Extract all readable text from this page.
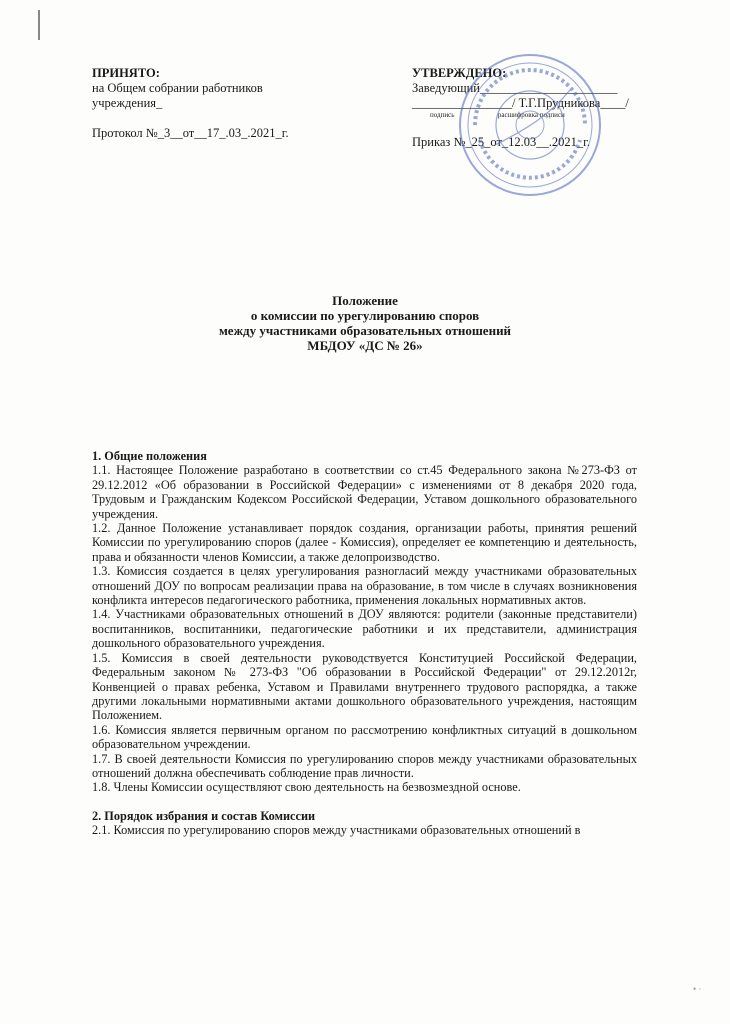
ПРИНЯТО:
на Общем собрании работников
учреждения_
Протокол №_3__от__17_.03_.2021_г.
УТВЕРЖДЕНО:
Заведующий______________________
________________/ Т.Г.Прудникова____/
подпись	расшифровка подписи
Приказ №_25_от_12.03__.2021_г.
Положение
о комиссии по урегулированию споров
между участниками образовательных отношений
МБДОУ «ДС № 26»
1. Общие положения

1.1. Настоящее Положение разработано в соответствии со ст.45 Федерального закона №273-ФЗ от 29.12.2012 «Об образовании в Российской Федерации» с изменениями от 8 декабря 2020 года, Трудовым и Гражданским Кодексом Российской Федерации, Уставом дошкольного образовательного учреждения.

1.2. Данное Положение устанавливает порядок создания, организации работы, принятия решений Комиссии по урегулированию споров (далее - Комиссия), определяет ее компетенцию и деятельность, права и обязанности членов Комиссии, а также делопроизводство.

1.3. Комиссия создается в целях урегулирования разногласий между участниками образовательных отношений ДОУ по вопросам реализации права на образование, в том числе в случаях возникновения конфликта интересов педагогического работника, применения локальных нормативных актов.

1.4. Участниками образовательных отношений в ДОУ являются: родители (законные представители) воспитанников, воспитанники, педагогические работники и их представители, администрация дошкольного образовательного учреждения.

1.5. Комиссия в своей деятельности руководствуется Конституцией Российской Федерации, Федеральным законом № 273-ФЗ "Об образовании в Российской Федерации" от 29.12.2012г, Конвенцией о правах ребенка, Уставом и Правилами внутреннего трудового распорядка, а также другими локальными нормативными актами дошкольного образовательного учреждения, настоящим Положением.

1.6. Комиссия является первичным органом по рассмотрению конфликтных ситуаций в дошкольном образовательном учреждении.

1.7. В своей деятельности Комиссия по урегулированию споров между участниками образовательных отношений должна обеспечивать соблюдение прав личности.

1.8. Члены Комиссии осуществляют свою деятельность на безвозмездной основе.

2. Порядок избрания и состав Комиссии

2.1. Комиссия по урегулированию споров между участниками образовательных отношений в

• ·
